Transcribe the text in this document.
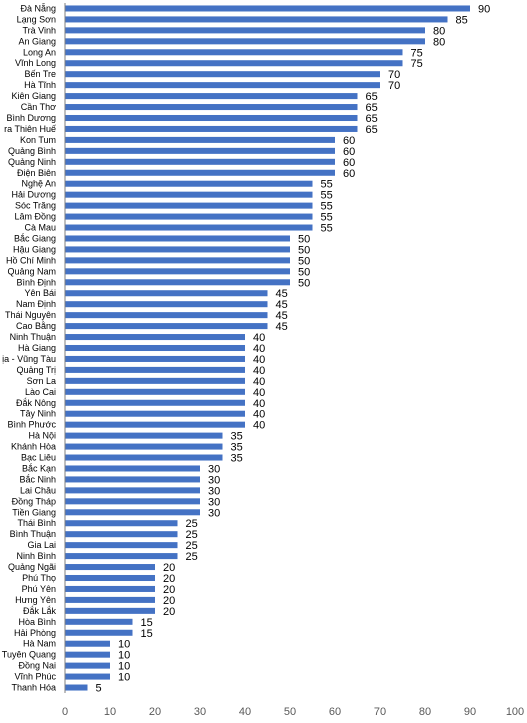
90
85
80
80
75
75
70
70
65
65
65
65
60
60
60
60
55
55
55
55
55
50
50
50
50
50
45
45
45
45
40
40
40
40
40
40
40
40
40
35
35
35
30
30
30
30
30
25
25
25
25
20
20
20
20
20
15
15
10
10
10
10
5
Đà Nẵng
Lạng Sơn
Trà Vinh
An Giang
Long An
Vĩnh Long
Bến Tre
Hà Tĩnh
Kiên Giang
Cần Thơ
Bình Dương
ra Thiên Huế
Kon Tum
Quảng Bình
Quảng Ninh
Điện Biên
Nghệ An
Hải Dương
Sóc Trăng
Lâm Đồng
Cà Mau
Bắc Giang
Hậu Giang
Hồ Chí Minh
Quảng Nam
Bình Định
Yên Bái
Nam Định
Thái Nguyên
Cao Bằng
Ninh Thuận
Hà Giang
ịa - Vũng Tàu
Quảng Trị
Sơn La
Lào Cai
Đắk Nông
Tây Ninh
Bình Phước
Hà Nội
Khánh Hòa
Bạc Liêu
Bắc Kạn
Bắc Ninh
Lai Châu
Đồng Tháp
Tiền Giang
Thái Bình
Bình Thuận
Gia Lai
Ninh Bình
Quảng Ngãi
Phú Thọ
Phú Yên
Hưng Yên
Đắk Lắk
Hòa Bình
Hải Phòng
Hà Nam
Tuyên Quang
Đồng Nai
Vĩnh Phúc
Thanh Hóa
0	10	20	30	40	50	60	70	80	90	100
